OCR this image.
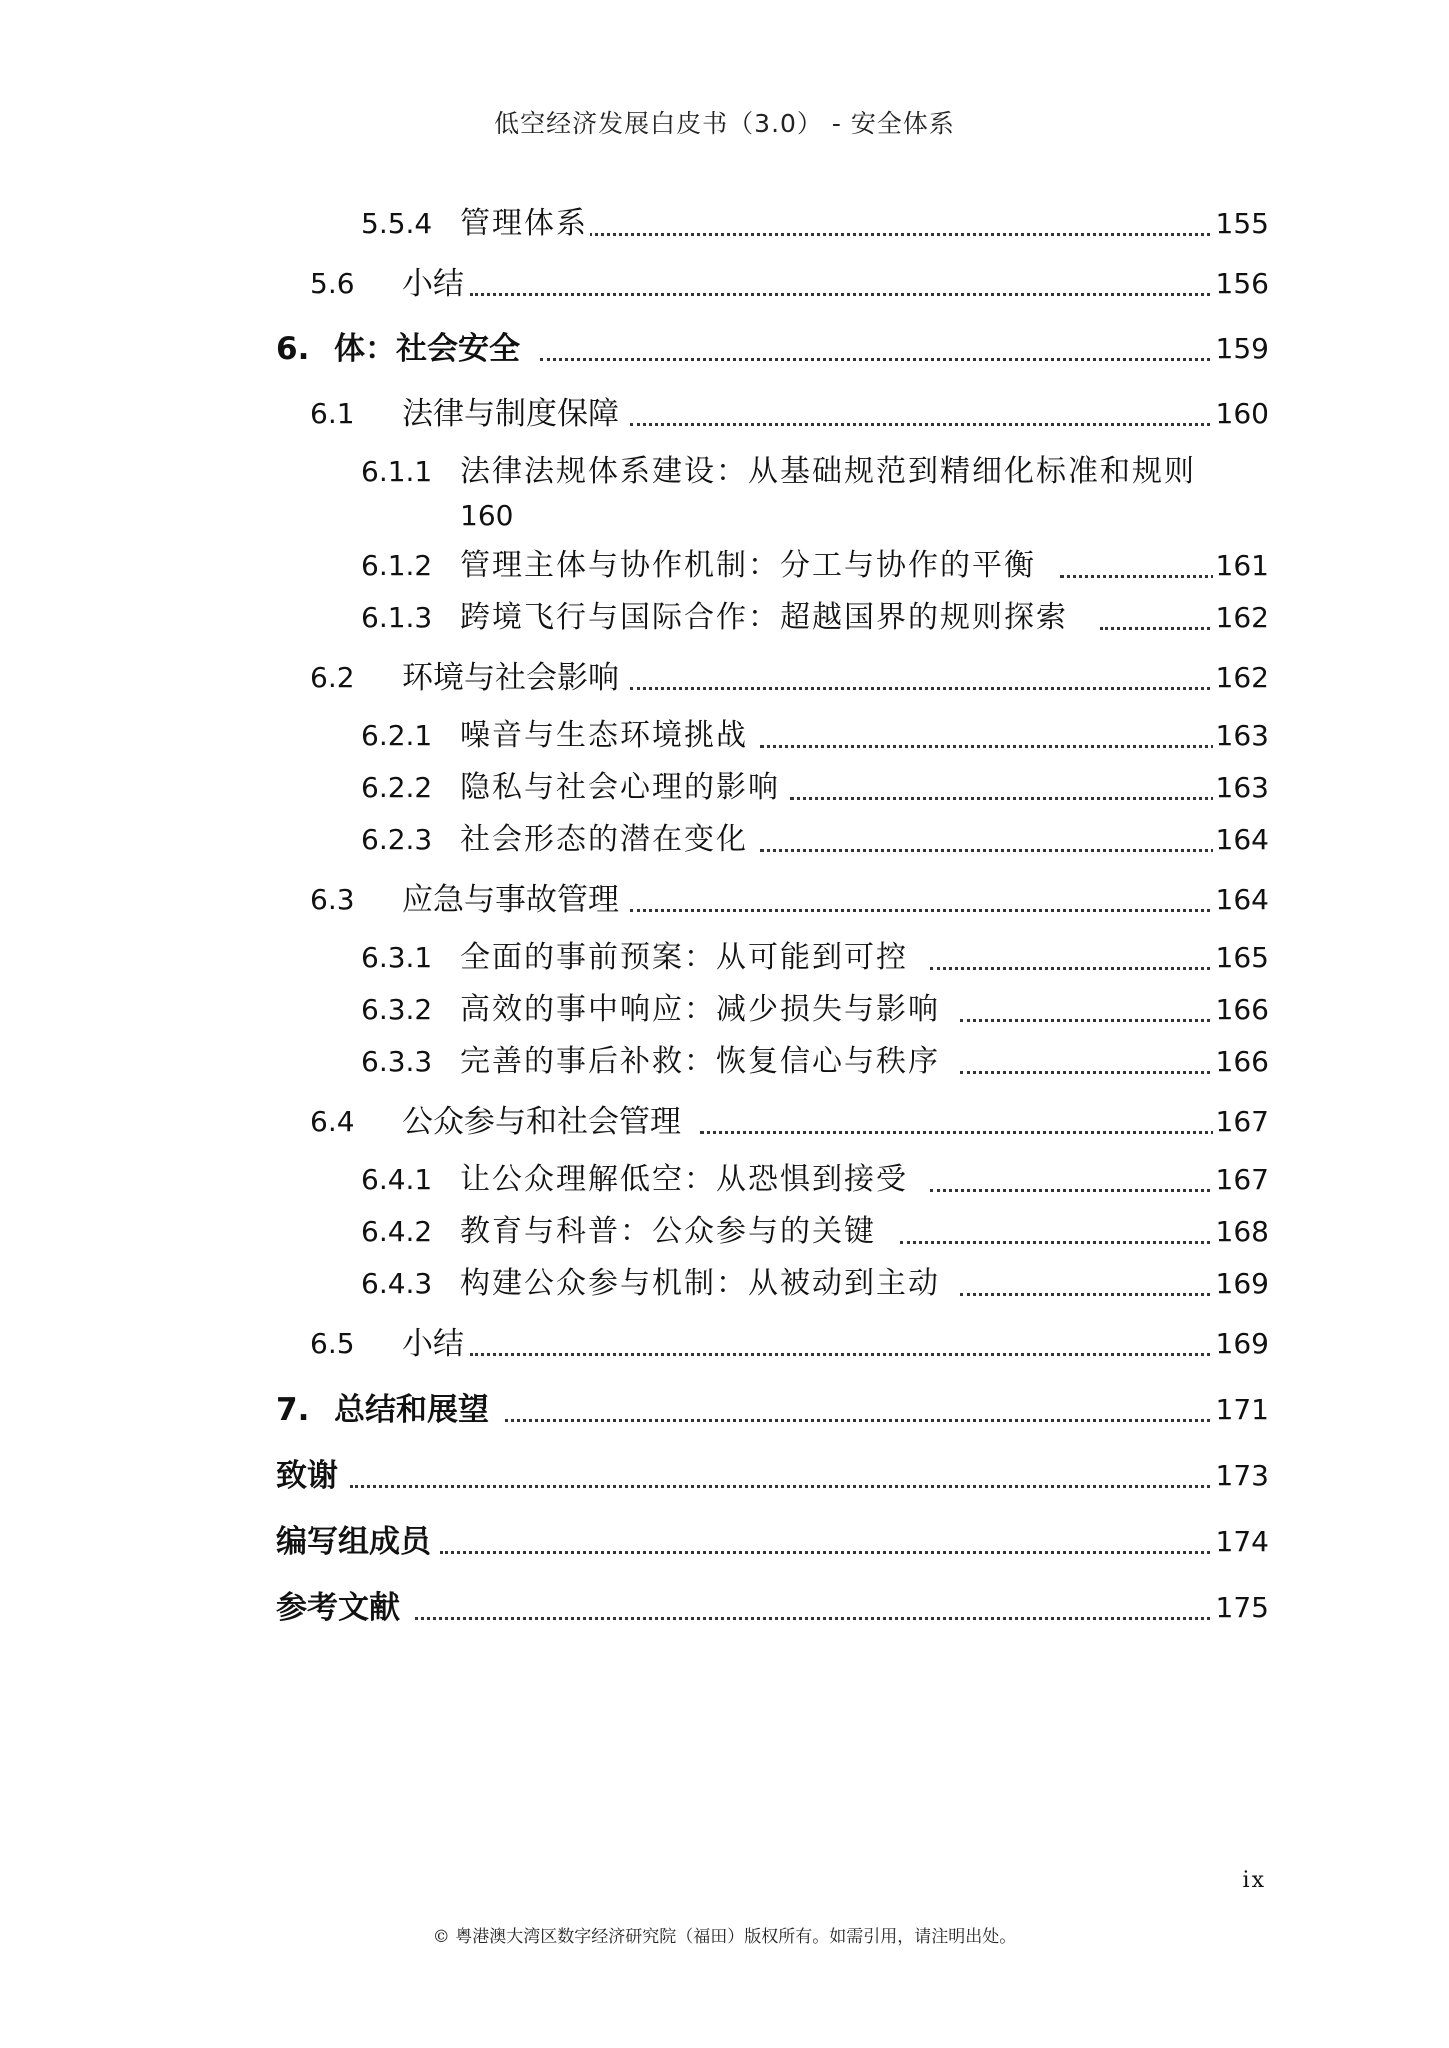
低空经济发展白皮书（3.0） - 安全体系
5.5.4 管理体系	155
5.6 小结	156
6. 体：社会安全	159
6.1 法律与制度保障	160
6.1.1 法律法规体系建设：从基础规范到精细化标准和规则
160
6.1.2 管理主体与协作机制：分工与协作的平衡	161
6.1.3 跨境飞行与国际合作：超越国界的规则探索	162
6.2 环境与社会影响	162
6.2.1 噪音与生态环境挑战	163
6.2.2 隐私与社会心理的影响	163
6.2.3 社会形态的潜在变化	164
6.3 应急与事故管理	164
6.3.1 全面的事前预案：从可能到可控	165
6.3.2 高效的事中响应：减少损失与影响	166
6.3.3 完善的事后补救：恢复信心与秩序	166
6.4 公众参与和社会管理	167
6.4.1 让公众理解低空：从恐惧到接受	167
6.4.2 教育与科普：公众参与的关键	168
6.4.3 构建公众参与机制：从被动到主动	169
6.5 小结	169
7. 总结和展望	171
致谢	173
编写组成员	174
参考文献	175
ix
© 粤港澳大湾区数字经济研究院（福田）版权所有。如需引用，请注明出处。
